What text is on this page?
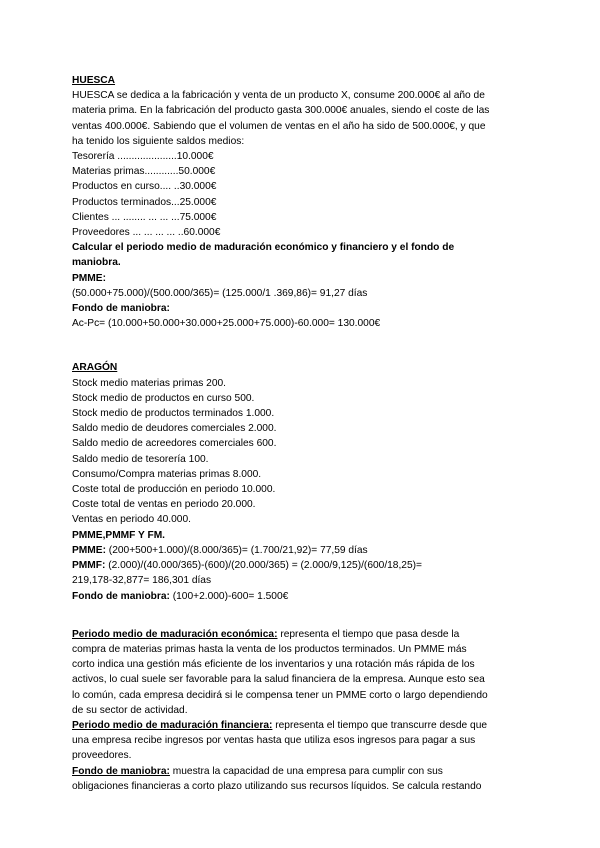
HUESCA
HUESCA se dedica a la fabricación y venta de un producto X, consume 200.000€ al año de
materia prima. En la fabricación del producto gasta 300.000€ anuales, siendo el coste de las
ventas 400.000€. Sabiendo que el volumen de ventas en el año ha sido de 500.000€, y que
ha tenido los siguiente saldos medios:
Tesorería .....................10.000€
Materias primas............50.000€
Productos en curso.... ..30.000€
Productos terminados...25.000€
Clientes ... ........ ... ... ...75.000€
Proveedores ... ... ... ... ..60.000€
Calcular el periodo medio de maduración económico y financiero y el fondo de
maniobra.
PMME:
(50.000+75.000)/(500.000/365)= (125.000/1 .369,86)= 91,27 días
Fondo de maniobra:
Ac-Pc= (10.000+50.000+30.000+25.000+75.000)-60.000= 130.000€
ARAGÓN
Stock medio materias primas 200.
Stock medio de productos en curso 500.
Stock medio de productos terminados 1.000.
Saldo medio de deudores comerciales 2.000.
Saldo medio de acreedores comerciales 600.
Saldo medio de tesorería 100.
Consumo/Compra materias primas 8.000.
Coste total de producción en periodo 10.000.
Coste total de ventas en periodo 20.000.
Ventas en periodo 40.000.
PMME,PMMF Y FM.
PMME: (200+500+1.000)/(8.000/365)= (1.700/21,92)= 77,59 días
PMMF: (2.000)/(40.000/365)-(600)/(20.000/365) = (2.000/9,125)/(600/18,25)=
219,178-32,877= 186,301 días
Fondo de maniobra: (100+2.000)-600= 1.500€
Periodo medio de maduración económica: representa el tiempo que pasa desde la
compra de materias primas hasta la venta de los productos terminados. Un PMME más
corto indica una gestión más eficiente de los inventarios y una rotación más rápida de los
activos, lo cual suele ser favorable para la salud financiera de la empresa. Aunque esto sea
lo común, cada empresa decidirá si le compensa tener un PMME corto o largo dependiendo
de su sector de actividad.
Periodo medio de maduración financiera: representa el tiempo que transcurre desde que
una empresa recibe ingresos por ventas hasta que utiliza esos ingresos para pagar a sus
proveedores.
Fondo de maniobra: muestra la capacidad de una empresa para cumplir con sus
obligaciones financieras a corto plazo utilizando sus recursos líquidos. Se calcula restando
